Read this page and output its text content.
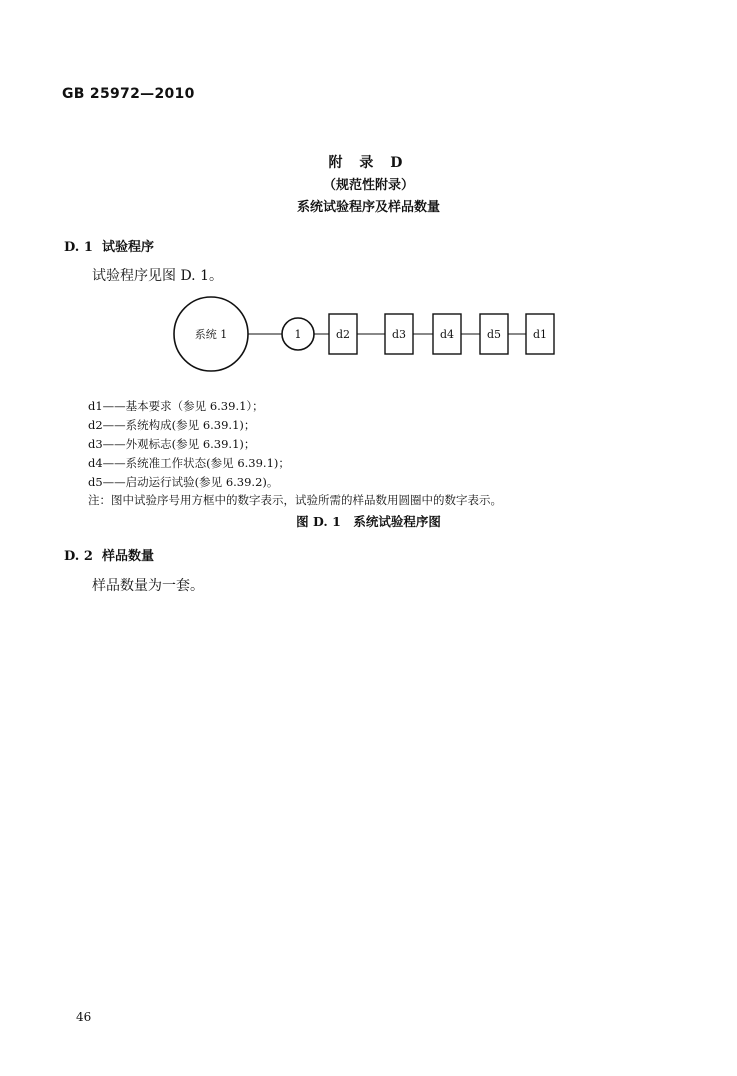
GB 25972—2010
附 录 D
（规范性附录）
系统试验程序及样品数量
D. 1 试验程序
试验程序见图 D. 1。
系统 1	1	d2	d3	d4	d5	d1
d1——基本要求（参见 6.39.1）；
d2——系统构成(参见 6.39.1)；
d3——外观标志(参见 6.39.1)；
d4——系统准工作状态(参见 6.39.1)；
d5——启动运行试验(参见 6.39.2)。
注：图中试验序号用方框中的数字表示，试验所需的样品数用圆圈中的数字表示。
图 D. 1　系统试验程序图
D. 2 样品数量
样品数量为一套。
46
